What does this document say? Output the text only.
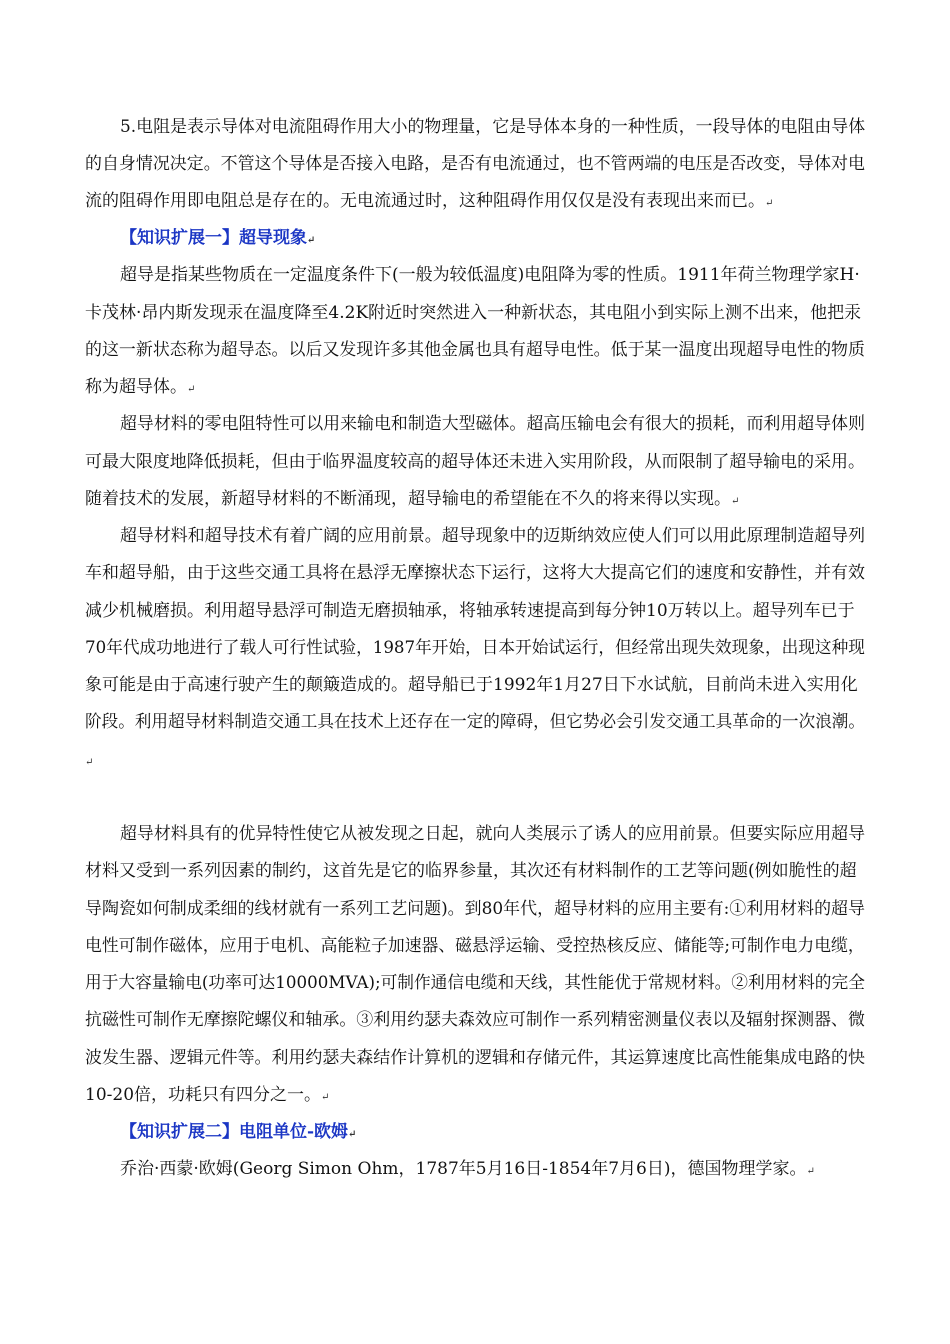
5.电阻是表示导体对电流阻碍作用大小的物理量，它是导体本身的一种性质，一段导体的电阻由导体
的自身情况决定。不管这个导体是否接入电路，是否有电流通过，也不管两端的电压是否改变，导体对电
流的阻碍作用即电阻总是存在的。无电流通过时，这种阻碍作用仅仅是没有表现出来而已。↵
【知识扩展一】超导现象↵
超导是指某些物质在一定温度条件下(一般为较低温度)电阻降为零的性质。1911年荷兰物理学家H·
卡茂林·昂内斯发现汞在温度降至4.2K附近时突然进入一种新状态，其电阻小到实际上测不出来，他把汞
的这一新状态称为超导态。以后又发现许多其他金属也具有超导电性。低于某一温度出现超导电性的物质
称为超导体。↵
超导材料的零电阻特性可以用来输电和制造大型磁体。超高压输电会有很大的损耗，而利用超导体则
可最大限度地降低损耗，但由于临界温度较高的超导体还未进入实用阶段，从而限制了超导输电的采用。
随着技术的发展，新超导材料的不断涌现，超导输电的希望能在不久的将来得以实现。↵
超导材料和超导技术有着广阔的应用前景。超导现象中的迈斯纳效应使人们可以用此原理制造超导列
车和超导船，由于这些交通工具将在悬浮无摩擦状态下运行，这将大大提高它们的速度和安静性，并有效
减少机械磨损。利用超导悬浮可制造无磨损轴承，将轴承转速提高到每分钟10万转以上。超导列车已于
70年代成功地进行了载人可行性试验，1987年开始，日本开始试运行，但经常出现失效现象，出现这种现
象可能是由于高速行驶产生的颠簸造成的。超导船已于1992年1月27日下水试航，目前尚未进入实用化
阶段。利用超导材料制造交通工具在技术上还存在一定的障碍，但它势必会引发交通工具革命的一次浪潮。
↵
超导材料具有的优异特性使它从被发现之日起，就向人类展示了诱人的应用前景。但要实际应用超导
材料又受到一系列因素的制约，这首先是它的临界参量，其次还有材料制作的工艺等问题(例如脆性的超
导陶瓷如何制成柔细的线材就有一系列工艺问题)。到80年代，超导材料的应用主要有:①利用材料的超导
电性可制作磁体，应用于电机、高能粒子加速器、磁悬浮运输、受控热核反应、储能等;可制作电力电缆，
用于大容量输电(功率可达10000MVA);可制作通信电缆和天线，其性能优于常规材料。②利用材料的完全
抗磁性可制作无摩擦陀螺仪和轴承。③利用约瑟夫森效应可制作一系列精密测量仪表以及辐射探测器、微
波发生器、逻辑元件等。利用约瑟夫森结作计算机的逻辑和存储元件，其运算速度比高性能集成电路的快
10-20倍，功耗只有四分之一。↵
【知识扩展二】电阻单位-欧姆↵
乔治·西蒙·欧姆(Georg Simon Ohm，1787年5月16日-1854年7月6日)，德国物理学家。↵
